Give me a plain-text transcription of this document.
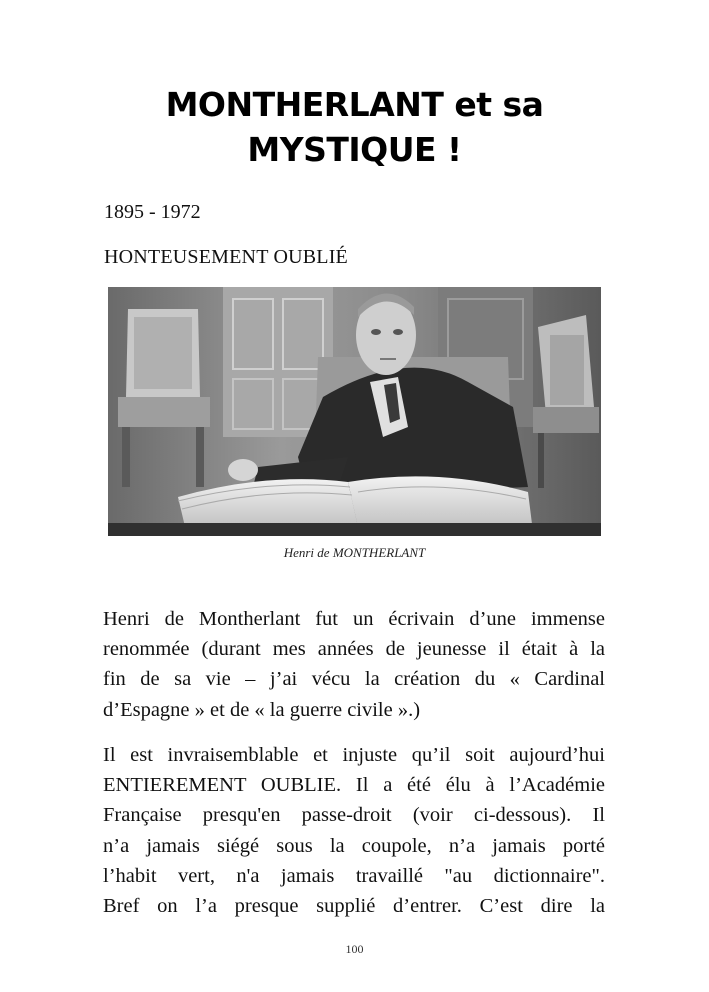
MONTHERLANT et sa
MYSTIQUE !
1895 - 1972
HONTEUSEMENT OUBLIÉ
Henri de MONTHERLANT

Henri de Montherlant fut un écrivain d’une immense
renommée (durant mes années de jeunesse il était à la
fin de sa vie – j’ai vécu la création du « Cardinal
d’Espagne » et de « la guerre civile ».)

Il est invraisemblable et injuste qu’il soit aujourd’hui
ENTIEREMENT OUBLIE. Il a été élu à l’Académie
Française presqu'en passe-droit (voir ci-dessous). Il
n’a jamais siégé sous la coupole, n’a jamais porté
l’habit vert, n'a jamais travaillé "au dictionnaire".
Bref on l’a presque supplié d’entrer. C’est dire la

100
